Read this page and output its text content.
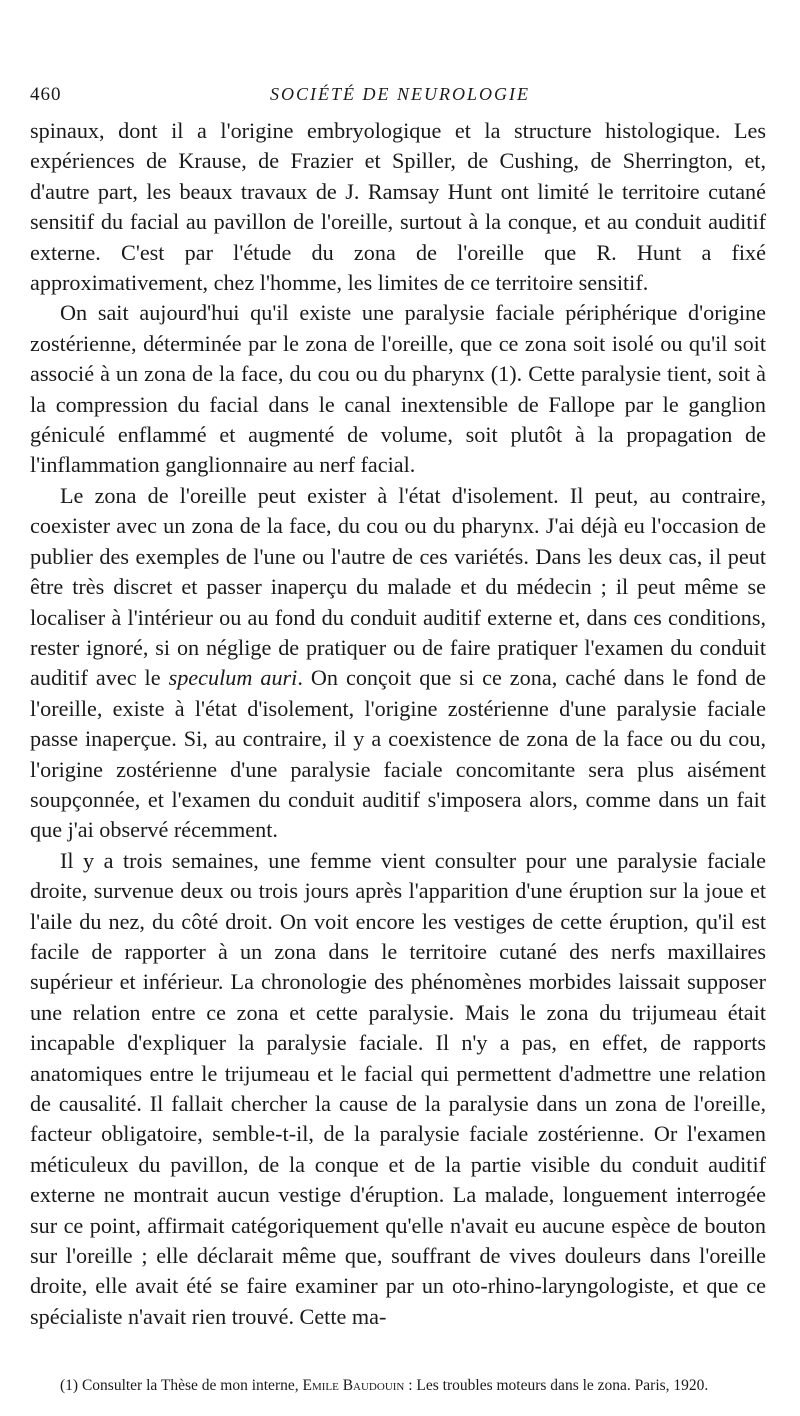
460	SOCIÉTÉ DE NEUROLOGIE

spinaux, dont il a l'origine embryologique et la structure histologique. Les expériences de Krause, de Frazier et Spiller, de Cushing, de Sherrington, et, d'autre part, les beaux travaux de J. Ramsay Hunt ont limité le territoire cutané sensitif du facial au pavillon de l'oreille, surtout à la conque, et au conduit auditif externe. C'est par l'étude du zona de l'oreille que R. Hunt a fixé approximativement, chez l'homme, les limites de ce territoire sensitif.

On sait aujourd'hui qu'il existe une paralysie faciale périphérique d'origine zostérienne, déterminée par le zona de l'oreille, que ce zona soit isolé ou qu'il soit associé à un zona de la face, du cou ou du pharynx (1). Cette paralysie tient, soit à la compression du facial dans le canal inextensible de Fallope par le ganglion géniculé enflammé et augmenté de volume, soit plutôt à la propagation de l'inflammation ganglionnaire au nerf facial.

Le zona de l'oreille peut exister à l'état d'isolement. Il peut, au contraire, coexister avec un zona de la face, du cou ou du pharynx. J'ai déjà eu l'occasion de publier des exemples de l'une ou l'autre de ces variétés. Dans les deux cas, il peut être très discret et passer inaperçu du malade et du médecin ; il peut même se localiser à l'intérieur ou au fond du conduit auditif externe et, dans ces conditions, rester ignoré, si on néglige de pratiquer ou de faire pratiquer l'examen du conduit auditif avec le speculum auri. On conçoit que si ce zona, caché dans le fond de l'oreille, existe à l'état d'isolement, l'origine zostérienne d'une paralysie faciale passe inaperçue. Si, au contraire, il y a coexistence de zona de la face ou du cou, l'origine zostérienne d'une paralysie faciale concomitante sera plus aisément soupçonnée, et l'examen du conduit auditif s'imposera alors, comme dans un fait que j'ai observé récemment.

Il y a trois semaines, une femme vient consulter pour une paralysie faciale droite, survenue deux ou trois jours après l'apparition d'une éruption sur la joue et l'aile du nez, du côté droit. On voit encore les vestiges de cette éruption, qu'il est facile de rapporter à un zona dans le territoire cutané des nerfs maxillaires supérieur et inférieur. La chronologie des phénomènes morbides laissait supposer une relation entre ce zona et cette paralysie. Mais le zona du trijumeau était incapable d'expliquer la paralysie faciale. Il n'y a pas, en effet, de rapports anatomiques entre le trijumeau et le facial qui permettent d'admettre une relation de causalité. Il fallait chercher la cause de la paralysie dans un zona de l'oreille, facteur obligatoire, semble-t-il, de la paralysie faciale zostérienne. Or l'examen méticuleux du pavillon, de la conque et de la partie visible du conduit auditif externe ne montrait aucun vestige d'éruption. La malade, longuement interrogée sur ce point, affirmait catégoriquement qu'elle n'avait eu aucune espèce de bouton sur l'oreille ; elle déclarait même que, souffrant de vives douleurs dans l'oreille droite, elle avait été se faire examiner par un oto-rhino-laryngologiste, et que ce spécialiste n'avait rien trouvé. Cette ma-

(1) Consulter la Thèse de mon interne, Emile Baudouin : Les troubles moteurs dans le zona. Paris, 1920.
